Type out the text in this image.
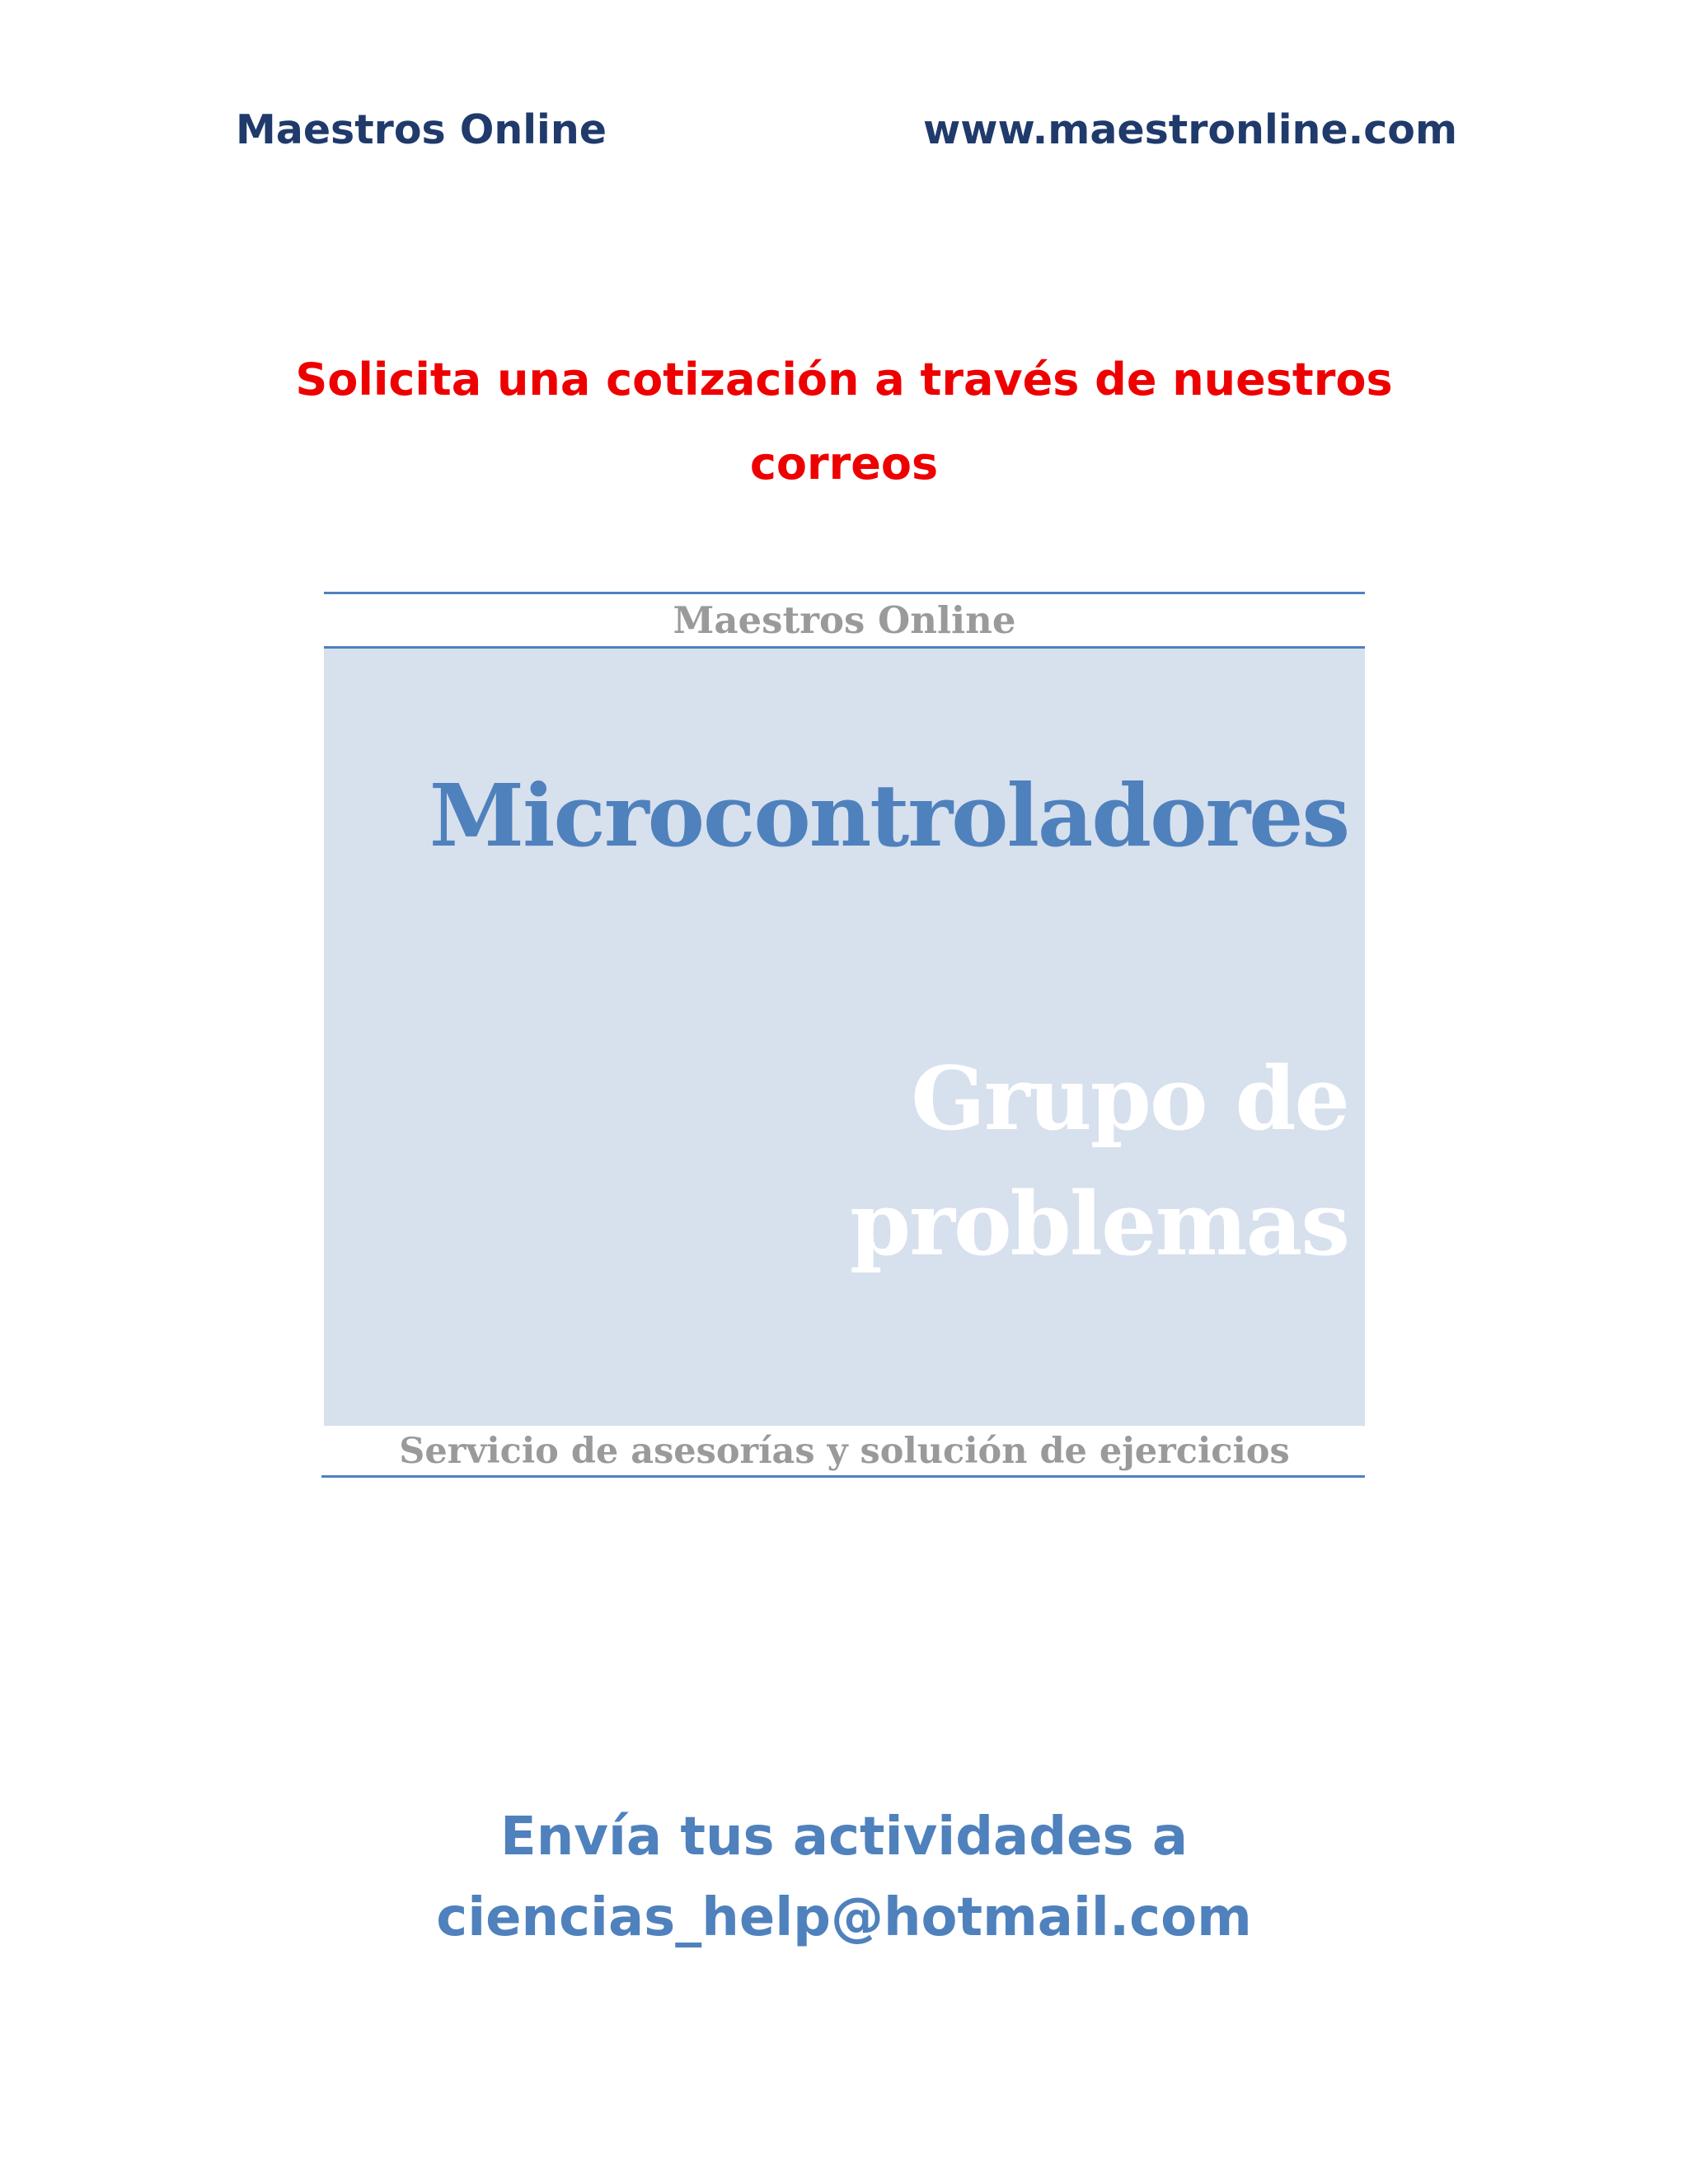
Maestros Online	www.maestronline.com
Solicita una cotización a través de nuestros
correos
Maestros Online
Microcontroladores
Grupo de
problemas
Servicio de asesorías y solución de ejercicios
Envía tus actividades a
ciencias_help@hotmail.com
